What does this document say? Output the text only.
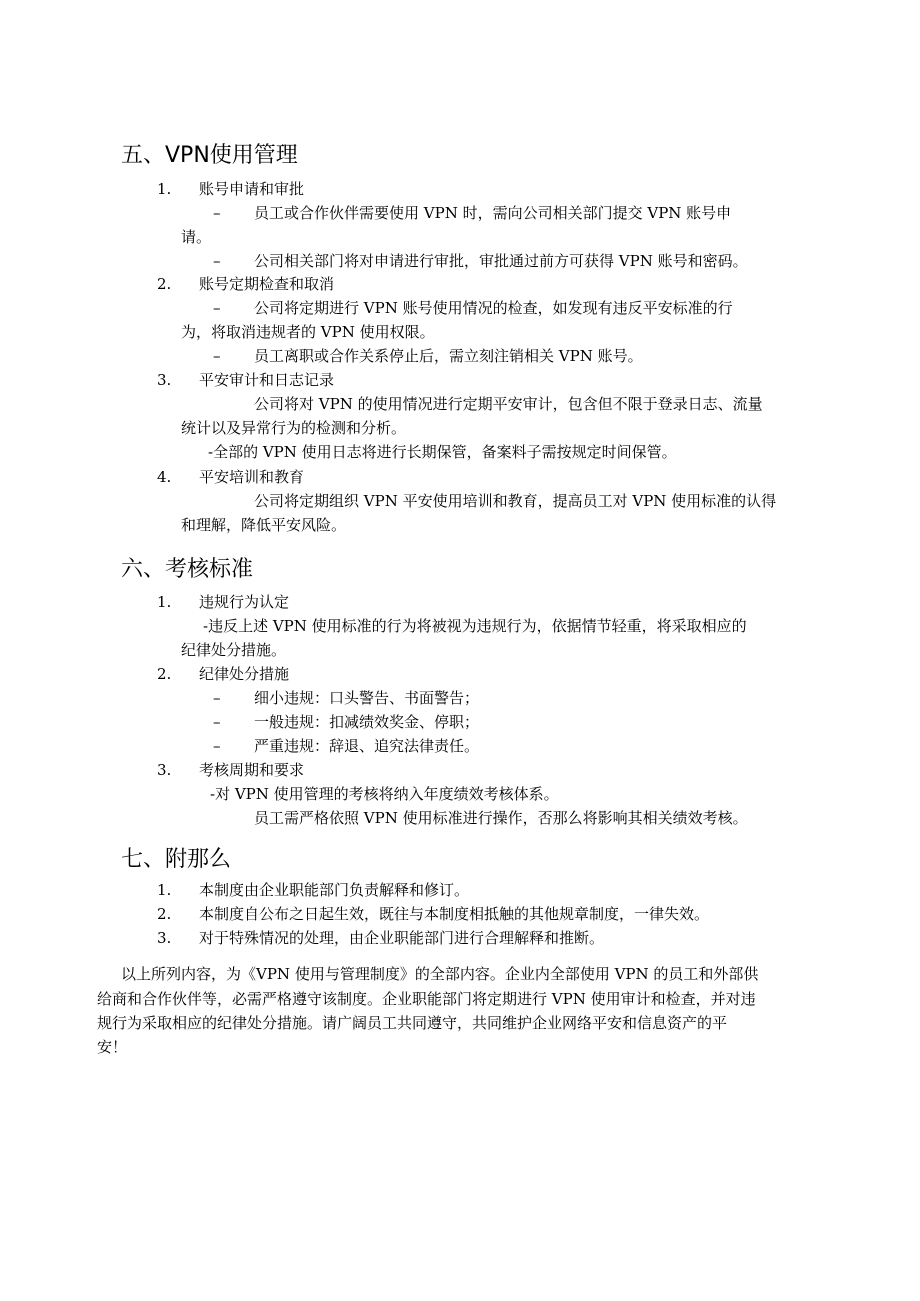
五、VPN使用管理
1. 账号申请和审批
– 员工或合作伙伴需要使用 VPN 时，需向公司相关部门提交 VPN 账号申
请。
– 公司相关部门将对申请进行审批，审批通过前方可获得 VPN 账号和密码。
2. 账号定期检查和取消
– 公司将定期进行 VPN 账号使用情况的检查，如发现有违反平安标准的行
为，将取消违规者的 VPN 使用权限。
– 员工离职或合作关系停止后，需立刻注销相关 VPN 账号。
3. 平安审计和日志记录
公司将对 VPN 的使用情况进行定期平安审计，包含但不限于登录日志、流量
统计以及异常行为的检测和分析。
-全部的 VPN 使用日志将进行长期保管，备案料子需按规定时间保管。
4. 平安培训和教育
公司将定期组织 VPN 平安使用培训和教育，提高员工对 VPN 使用标准的认得
和理解，降低平安风险。
六、考核标准
1. 违规行为认定
-违反上述 VPN 使用标准的行为将被视为违规行为，依据情节轻重，将采取相应的
纪律处分措施。
2. 纪律处分措施
– 细小违规：口头警告、书面警告；
– 一般违规：扣减绩效奖金、停职；
– 严重违规：辞退、追究法律责任。
3. 考核周期和要求
-对 VPN 使用管理的考核将纳入年度绩效考核体系。
员工需严格依照 VPN 使用标准进行操作，否那么将影响其相关绩效考核。
七、附那么
1. 本制度由企业职能部门负责解释和修订。
2. 本制度自公布之日起生效，既往与本制度相抵触的其他规章制度，一律失效。
3. 对于特殊情况的处理，由企业职能部门进行合理解释和推断。
以上所列内容，为《VPN 使用与管理制度》的全部内容。企业内全部使用 VPN 的员工和外部供
给商和合作伙伴等，必需严格遵守该制度。企业职能部门将定期进行 VPN 使用审计和检查，并对违
规行为采取相应的纪律处分措施。请广阔员工共同遵守，共同维护企业网络平安和信息资产的平
安！
